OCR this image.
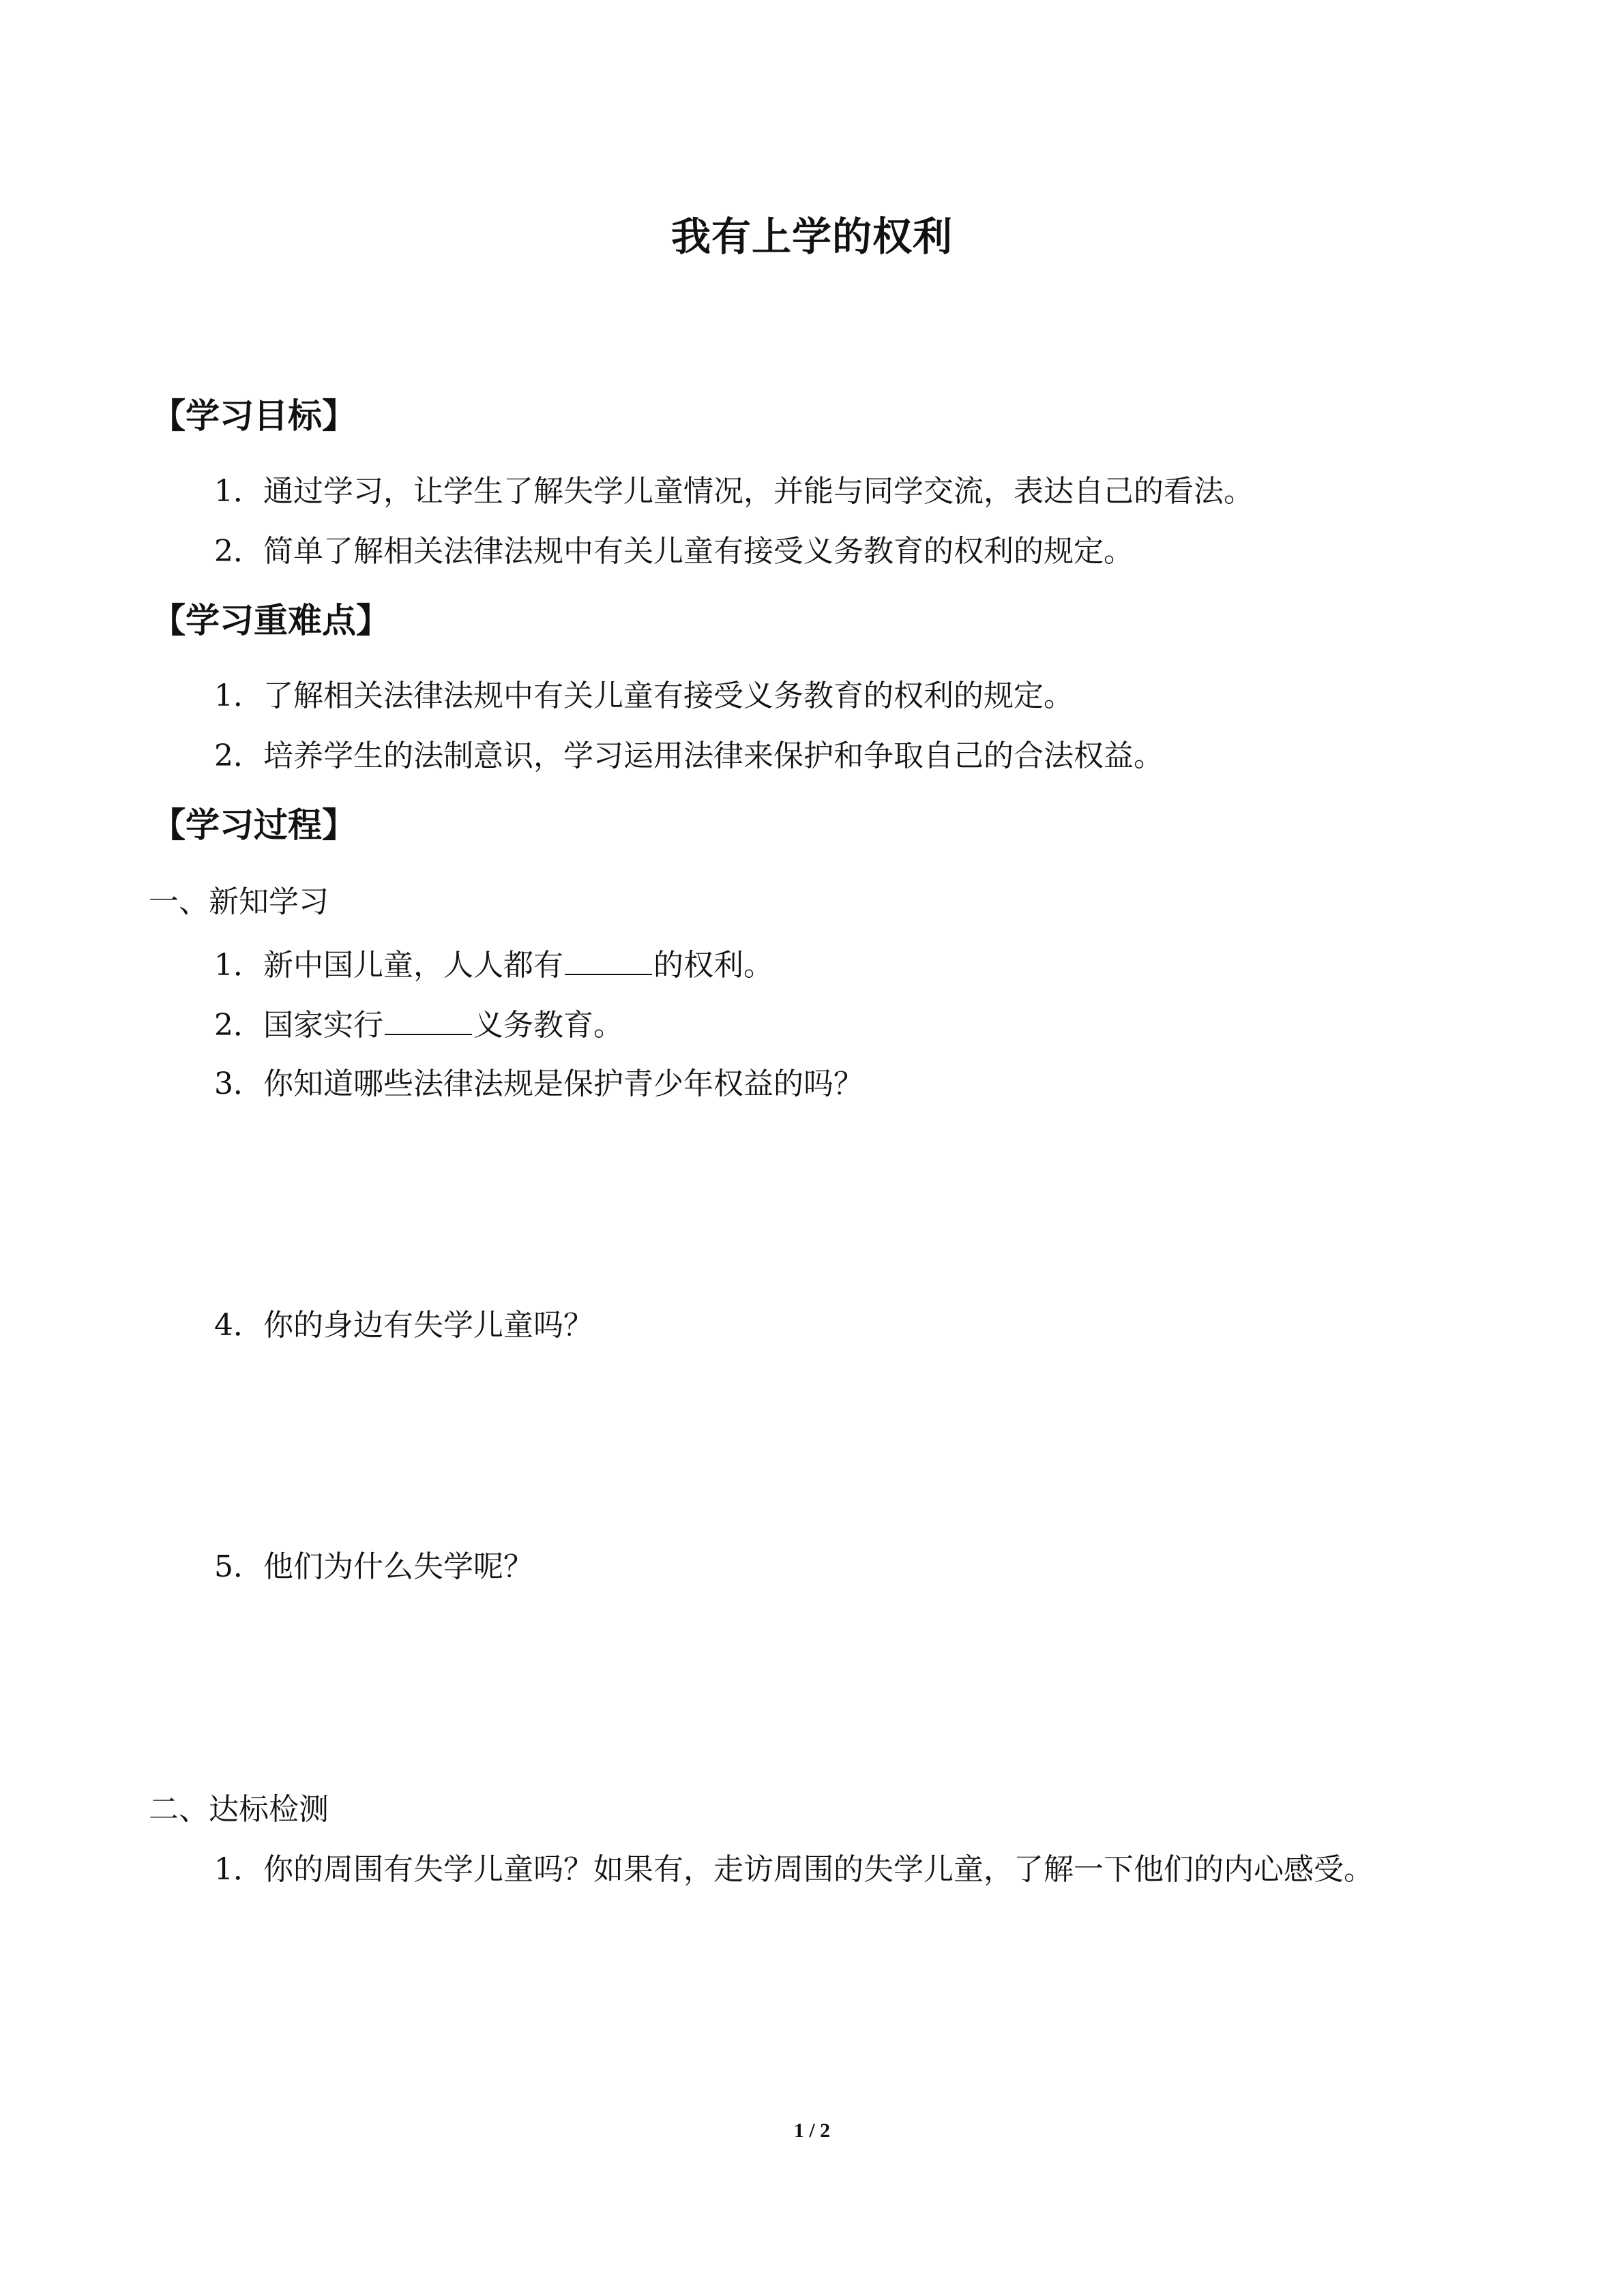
我有上学的权利
【学习目标】
1．通过学习，让学生了解失学儿童情况，并能与同学交流，表达自己的看法。
2．简单了解相关法律法规中有关儿童有接受义务教育的权利的规定。
【学习重难点】
1．了解相关法律法规中有关儿童有接受义务教育的权利的规定。
2．培养学生的法制意识，学习运用法律来保护和争取自己的合法权益。
【学习过程】
一、新知学习
1．新中国儿童，人人都有	的权利。
2．国家实行	义务教育。
3．你知道哪些法律法规是保护青少年权益的吗？
4．你的身边有失学儿童吗？
5．他们为什么失学呢？
二、达标检测
1．你的周围有失学儿童吗？如果有，走访周围的失学儿童，了解一下他们的内心感受。
1 / 2
